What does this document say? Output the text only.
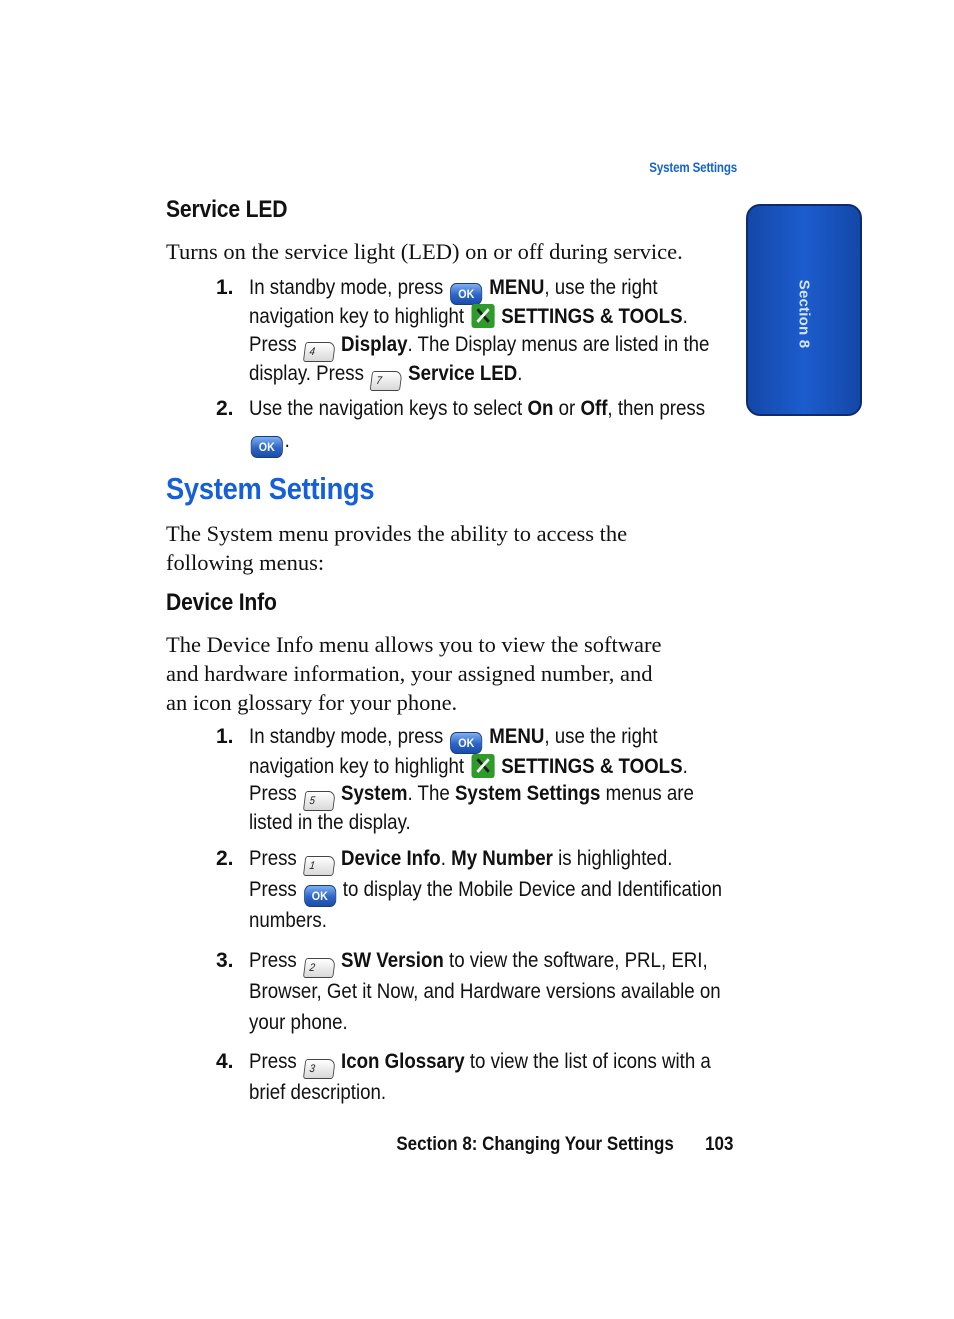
System Settings
Section 8
Service LED
Turns on the service light (LED) on or off during service.
1. In standby mode, press OK MENU, use the right
navigation key to highlight SETTINGS & TOOLS.
Press 4 Display. The Display menus are listed in the
display. Press 7 Service LED.
2. Use the navigation keys to select On or Off, then press
OK .
System Settings
The System menu provides the ability to access the
following menus:
Device Info
The Device Info menu allows you to view the software
and hardware information, your assigned number, and
an icon glossary for your phone.
1. In standby mode, press OK MENU, use the right
navigation key to highlight SETTINGS & TOOLS.
Press 5 System. The System Settings menus are
listed in the display.
2. Press 1 Device Info. My Number is highlighted.
Press OK to display the Mobile Device and Identification
numbers.
3. Press 2 SW Version to view the software, PRL, ERI,
Browser, Get it Now, and Hardware versions available on
your phone.
4. Press 3 Icon Glossary to view the list of icons with a
brief description.
Section 8: Changing Your Settings 103
